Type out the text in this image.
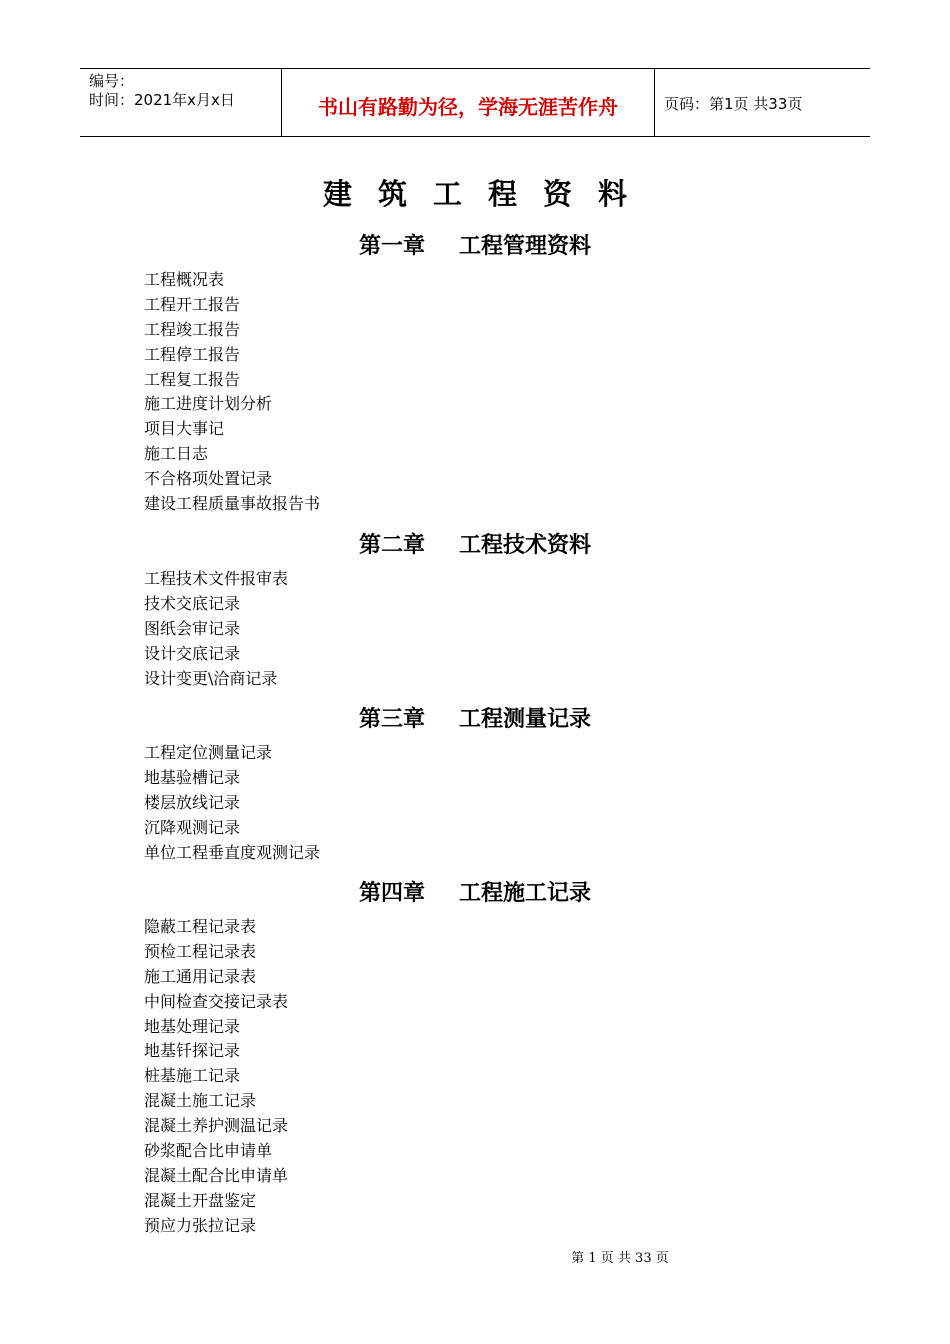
编号：
时间：2021年x月x日	书山有路勤为径，学海无涯苦作舟	页码：第1页 共33页
建筑工程资料
第一章 工程管理资料
工程概况表
工程开工报告
工程竣工报告
工程停工报告
工程复工报告
施工进度计划分析
项目大事记
施工日志
不合格项处置记录
建设工程质量事故报告书
第二章 工程技术资料
工程技术文件报审表
技术交底记录
图纸会审记录
设计交底记录
设计变更\洽商记录
第三章 工程测量记录
工程定位测量记录
地基验槽记录
楼层放线记录
沉降观测记录
单位工程垂直度观测记录
第四章 工程施工记录
隐蔽工程记录表
预检工程记录表
施工通用记录表
中间检查交接记录表
地基处理记录
地基钎探记录
桩基施工记录
混凝土施工记录
混凝土养护测温记录
砂浆配合比申请单
混凝土配合比申请单
混凝土开盘鉴定
预应力张拉记录
第 1 页 共 33 页
